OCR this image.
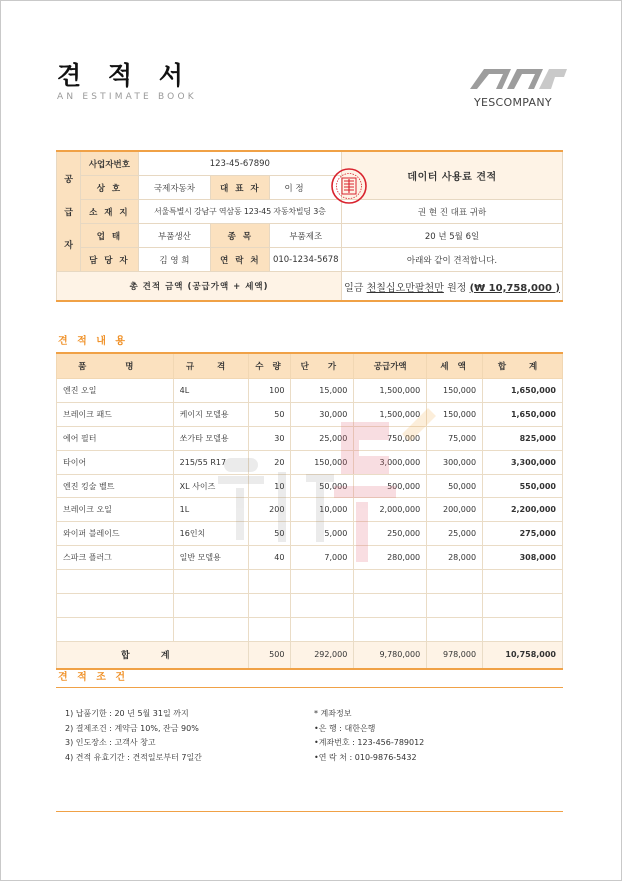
견 적 서
AN ESTIMATE BOOK	YESCOMPANY
공
급
자	사업자번호	123-45-67890			데이터 사용료 견적
	상 호	국제자동차	대 표 자	이 정	
	소 재 지	서울특별시 강남구 역삼동 123-45 자동차빌딩 3층			권 현 진 대표 귀하
	업 태	부품생산	종 목	부품제조	20 년 5월 6일
	담 당 자	김 영 희	연 락 처	010-1234-5678	아래와 같이 견적합니다.
총 견적 금액 (공급가액 + 세액)					일금 천칠십오만팔천만 원정 (₩ 10,758,000 )
견 적 내 용
품 명	규 격	수 량	단 가	공급가액	세 액	합 계
엔진 오일	4L	100	15,000	1,500,000	150,000	1,650,000
브레이크 패드	케이지 모델용	50	30,000	1,500,000	150,000	1,650,000
에어 필터	쏘가타 모델용	30	25,000	750,000	75,000	825,000
타이어	215/55 R17	20	150,000	3,000,000	300,000	3,300,000
엔진 킹술 벨트	XL 사이즈	10	50,000	500,000	50,000	550,000
브레이크 오일	1L	200	10,000	2,000,000	200,000	2,200,000
와이퍼 블레이드	16인치	50	5,000	250,000	25,000	275,000
스파크 플러그	일반 모델용	40	7,000	280,000	28,000	308,000

합 계		500	292,000	9,780,000	978,000	10,758,000
견 적 조 건
1) 납품기한 : 20 년 5월 31일 까지
2) 결제조건 : 계약금 10%, 잔금 90%
3) 인도장소 : 고객사 창고
4) 견적 유효기간 : 견적일로부터 7일간
* 계좌정보
•은 행 : 대한은행
•계좌번호 : 123-456-789012
•연 락 처 : 010-9876-5432
